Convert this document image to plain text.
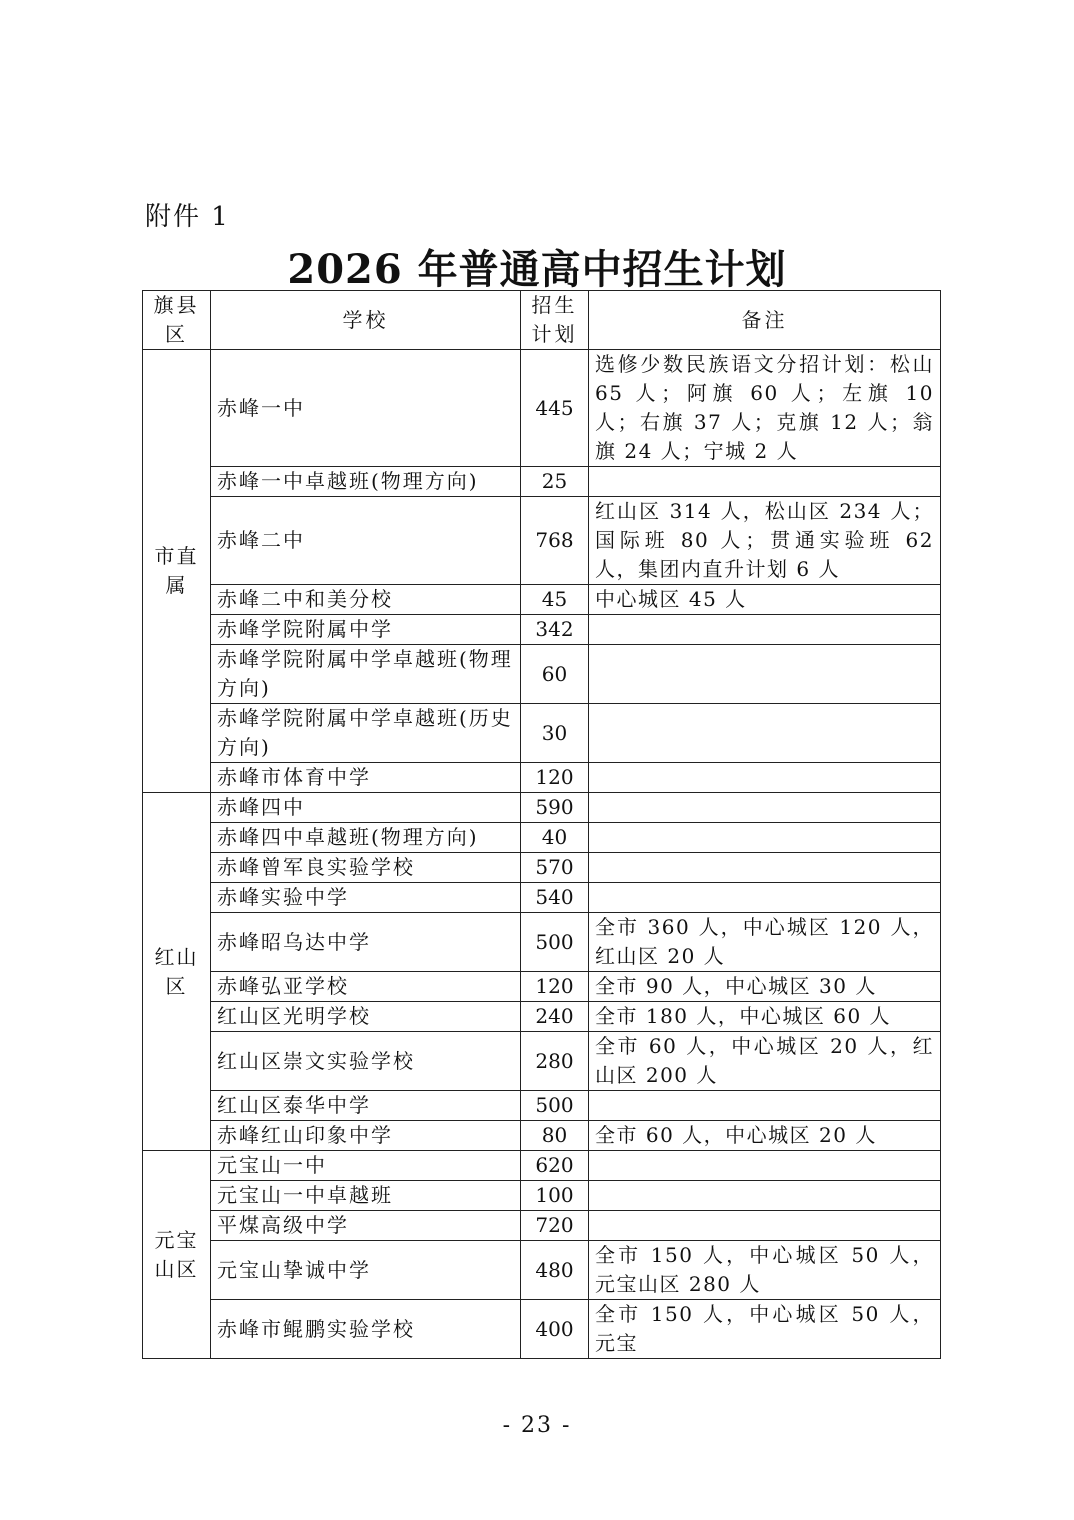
附件 1
2026 年普通高中招生计划
旗县区	学校	招生计划	备注
市直属	赤峰一中	445	选修少数民族语文分招计划：松山 65 人；阿旗 60 人；左旗 10 人；右旗 37 人；克旗 12 人；翁旗 24 人；宁城 2 人
	赤峰一中卓越班(物理方向)	25	
	赤峰二中	768	红山区 314 人，松山区 234 人；国际班 80 人；贯通实验班 62 人，集团内直升计划 6 人
	赤峰二中和美分校	45	中心城区 45 人
	赤峰学院附属中学	342	
	赤峰学院附属中学卓越班(物理方向)	60	
	赤峰学院附属中学卓越班(历史方向)	30	
	赤峰市体育中学	120	
红山区	赤峰四中	590	
	赤峰四中卓越班(物理方向)	40	
	赤峰曾军良实验学校	570	
	赤峰实验中学	540	
	赤峰昭乌达中学	500	全市 360 人，中心城区 120 人，红山区 20 人
	赤峰弘亚学校	120	全市 90 人，中心城区 30 人
	红山区光明学校	240	全市 180 人，中心城区 60 人
	红山区崇文实验学校	280	全市 60 人，中心城区 20 人，红山区 200 人
	红山区泰华中学	500	
	赤峰红山印象中学	80	全市 60 人，中心城区 20 人
元宝山区	元宝山一中	620	
	元宝山一中卓越班	100	
	平煤高级中学	720	
	元宝山挚诚中学	480	全市 150 人，中心城区 50 人，元宝山区 280 人
	赤峰市鲲鹏实验学校	400	全市 150 人，中心城区 50 人，元宝
- 23 -
